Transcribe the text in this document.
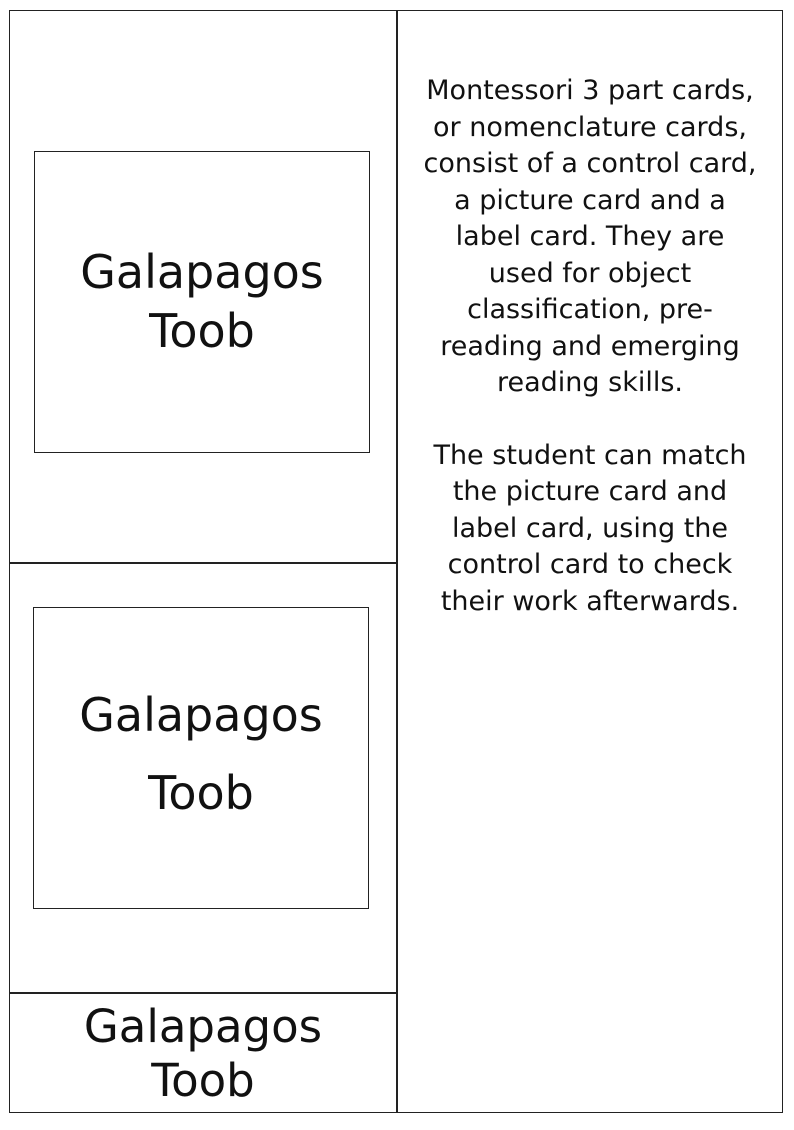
Galapagos
Toob
Galapagos
Toob
Galapagos
Toob

Montessori 3 part cards,

or nomenclature cards,

consist of a control card,

a picture card and a

label card. They are

used for object

classification, pre-

reading and emerging

reading skills.

The student can match

the picture card and

label card, using the

control card to check

their work afterwards.
